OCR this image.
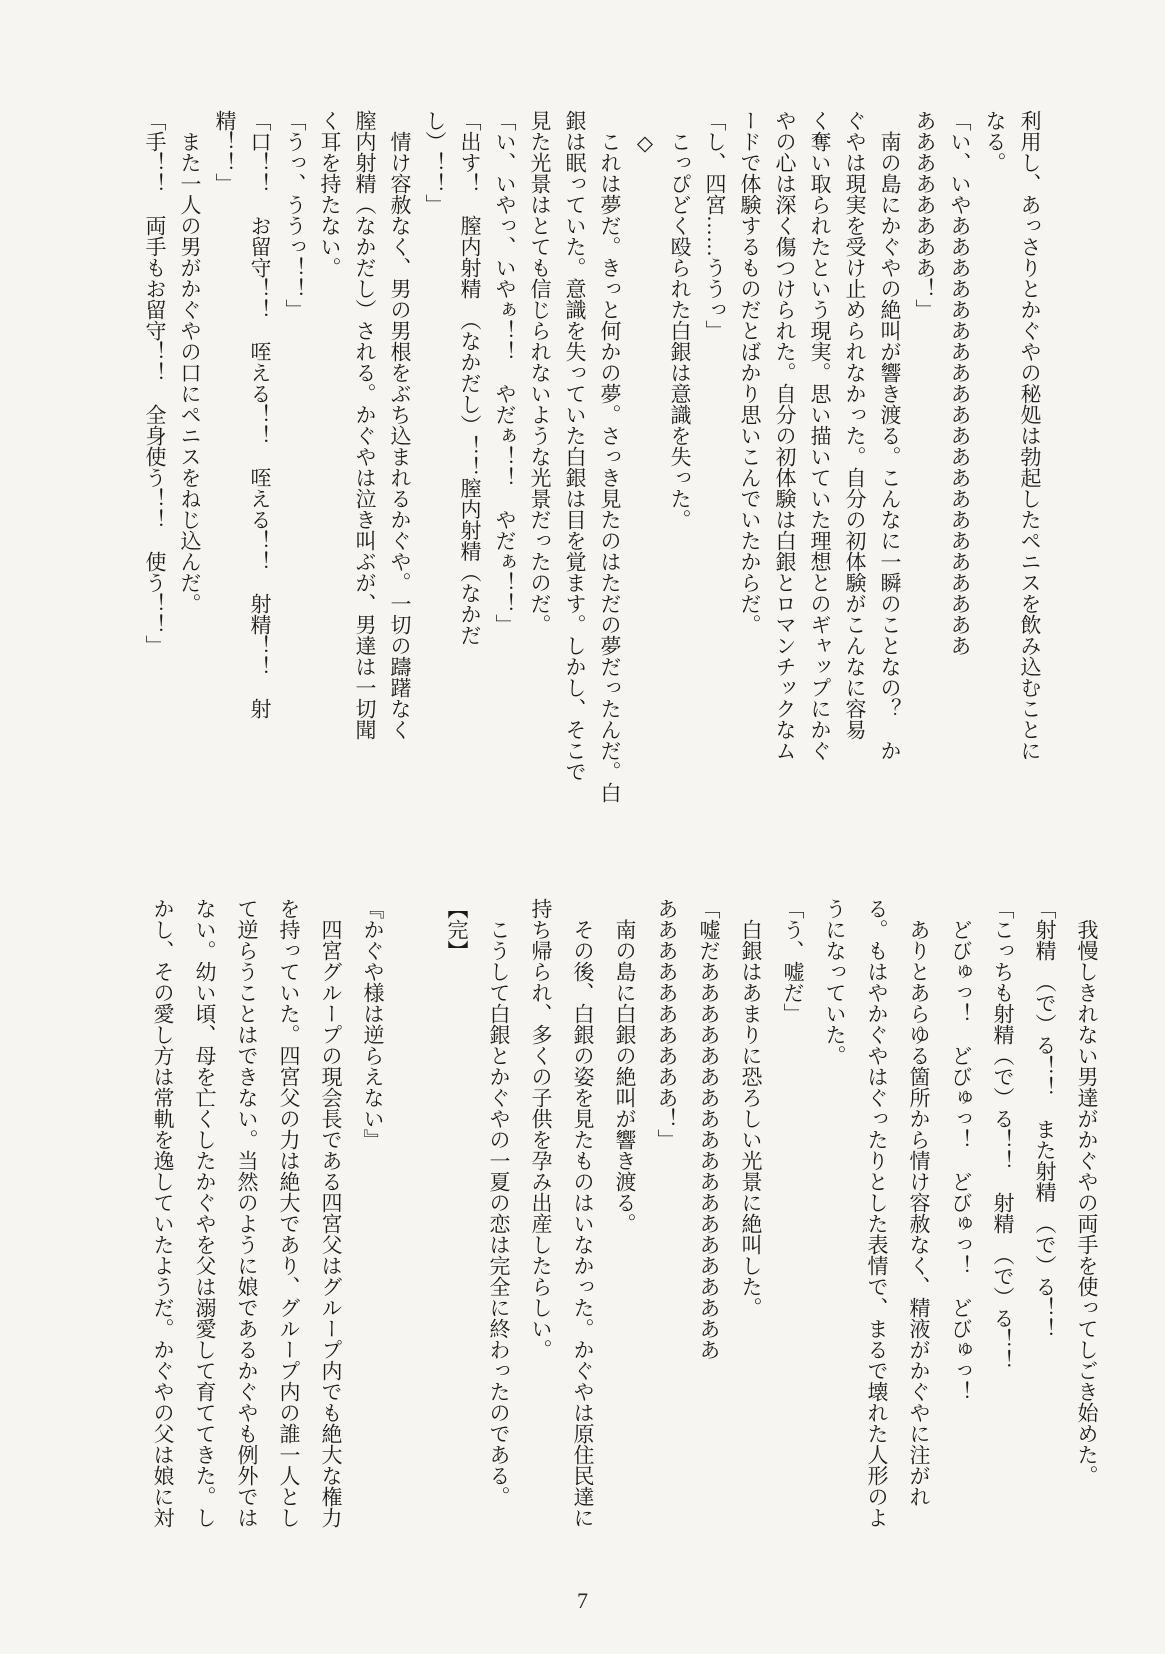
利用し、あっさりとかぐやの秘処は勃起したペニスを飲み込むことに

なる。

「い、いやあああああああああああああああああああああ

ああああああああ！」

　南の島にかぐやの絶叫が響き渡る。こんなに一瞬のことなの？　か

ぐやは現実を受け止められなかった。自分の初体験がこんなに容易

く奪い取られたという現実。思い描いていた理想とのギャップにかぐ

やの心は深く傷つけられた。自分の初体験は白銀とロマンチックなム

ードで体験するものだとばかり思いこんでいたからだ。

「し、四宮……ううっ」

　こっぴどく殴られた白銀は意識を失った。

　◇

　これは夢だ。きっと何かの夢。さっき見たのはただの夢だったんだ。白

銀は眠っていた。意識を失っていた白銀は目を覚ます。しかし、そこで

見た光景はとても信じられないような光景だったのだ。

「い、いやっ、いやぁ！！　やだぁ！！　やだぁ！！」

「出す！　膣内射精　（なかだし）！！膣内射精（なかだ

し）！！」

　情け容赦なく、男の男根をぶち込まれるかぐや。一切の躊躇なく

膣内射精（なかだし）される。かぐやは泣き叫ぶが、男達は一切聞

く耳を持たない。

「うっ、ううっ！！」

「口！！　お留守！！　咥える！！　咥える！！　射精！！　射

精！！」

　また一人の男がかぐやの口にペニスをねじ込んだ。

「手！！　両手もお留守！！　全身使う！！　使う！！」

　我慢しきれない男達がかぐやの両手を使ってしごき始めた。

「射精　（で）る！！　また射精　（で）る！！

「こっちも射精（で）る！！　射精　（で）る！！

　どびゅっ！　どびゅっ！　どびゅっ！　どびゅっ！

　ありとあらゆる箇所から情け容赦なく、精液がかぐやに注がれ

る。もはやかぐやはぐったりとした表情で、まるで壊れた人形のよ

うになっていた。

「う、嘘だ」

　白銀はあまりに恐ろしい光景に絶叫した。

「嘘だあああああああああああああああああああ

ああああああああああ！」

　南の島に白銀の絶叫が響き渡る。

　その後、白銀の姿を見たものはいなかった。かぐやは原住民達に

持ち帰られ、多くの子供を孕み出産したらしい。

　こうして白銀とかぐやの一夏の恋は完全に終わったのである。

【完】

『かぐや様は逆らえない』

　四宮グループの現会長である四宮父はグループ内でも絶大な権力

を持っていた。四宮父の力は絶大であり、グループ内の誰一人とし

て逆らうことはできない。当然のように娘であるかぐやも例外では

ない。幼い頃、母を亡くしたかぐやを父は溺愛して育ててきた。し

かし、その愛し方は常軌を逸していたようだ。かぐやの父は娘に対

7
